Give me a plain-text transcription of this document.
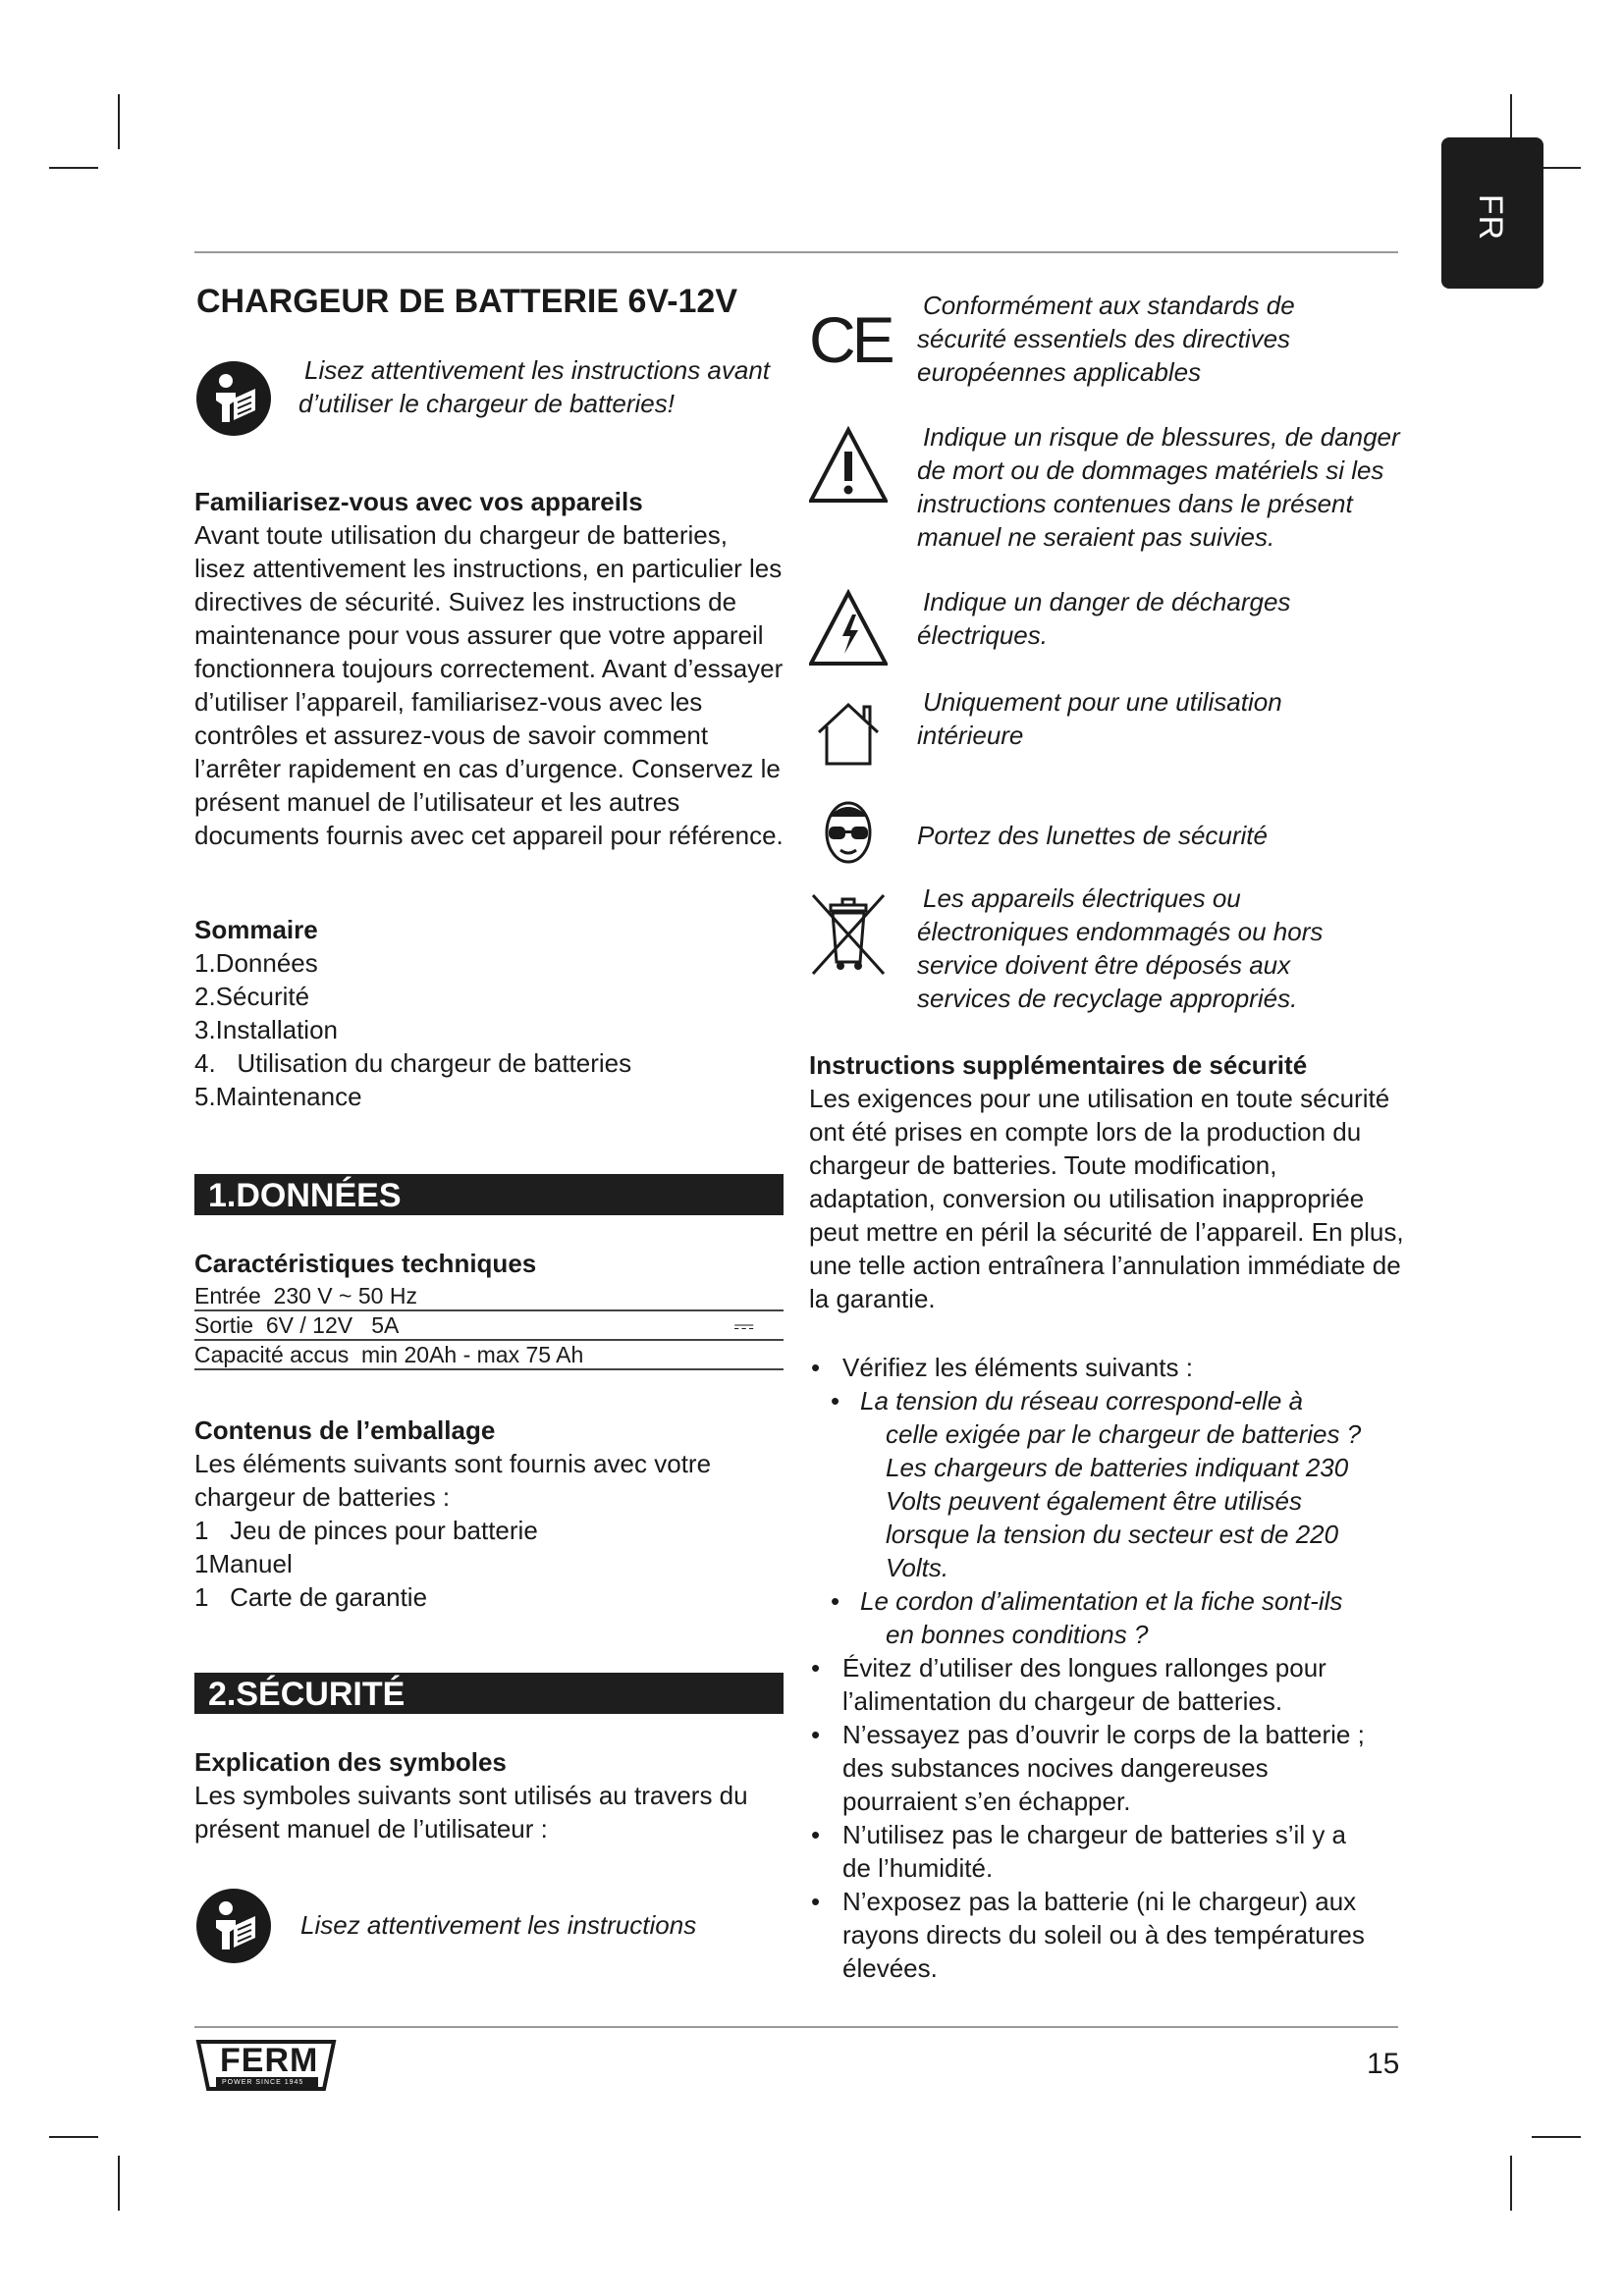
FR
CHARGEUR DE BATTERIE 6V-12V

Lisez attentivement les instructions avant d’utiliser le chargeur de batteries!

Familiarisez-vous avec vos appareils

Avant toute utilisation du chargeur de batteries, lisez attentivement les instructions, en particulier les directives de sécurité. Suivez les instructions de maintenance pour vous assurer que votre appareil fonctionnera toujours correctement. Avant d’essayer d’utiliser l’appareil, familiarisez-vous avec les contrôles et assurez-vous de savoir comment l’arrêter rapidement en cas d’urgence. Conservez le présent manuel de l’utilisateur et les autres documents fournis avec cet appareil pour référence.

Sommaire

1.Données
2.Sécurité
3.Installation
4.   Utilisation du chargeur de batteries
5.Maintenance
1.DONNÉES

Caractéristiques techniques

Entrée  230 V ~ 50 Hz
Sortie  6V / 12V   5A	⎓
Capacité accus  min 20Ah - max 75 Ah

Contenus de l’emballage

Les éléments suivants sont fournis avec votre chargeur de batteries :

1   Jeu de pinces pour batterie
1Manuel
1   Carte de garantie
2.SÉCURITÉ

Explication des symboles

Les symboles suivants sont utilisés au travers du présent manuel de l’utilisateur :

Lisez attentivement les instructions

CE Conformément aux standards de sécurité essentiels des directives européennes applicables

Indique un risque de blessures, de danger de mort ou de dommages matériels si les instructions contenues dans le présent manuel ne seraient pas suivies.

Indique un danger de décharges électriques.

Uniquement pour une utilisation intérieure

Portez des lunettes de sécurité

Les appareils électriques ou électroniques endommagés ou hors service doivent être déposés aux services de recyclage appropriés.

Instructions supplémentaires de sécurité

Les exigences pour une utilisation en toute sécurité ont été prises en compte lors de la production du chargeur de batteries. Toute modification, adaptation, conversion ou utilisation inappropriée peut mettre en péril la sécurité de l’appareil. En plus, une telle action entraînera l’annulation immédiate de la garantie.

• Vérifiez les éléments suivants :

• La tension du réseau correspond-elle à

celle exigée par le chargeur de batteries ? Les chargeurs de batteries indiquant 230 Volts peuvent également être utilisés lorsque la tension du secteur est de 220 Volts.

• Le cordon d’alimentation et la fiche sont-ils

en bonnes conditions ?

• Évitez d’utiliser des longues rallonges pour l’alimentation du chargeur de batteries.

• N’essayez pas d’ouvrir le corps de la batterie ; des substances nocives dangereuses pourraient s’en échapper.

• N’utilisez pas le chargeur de batteries s’il y a de l’humidité.

• N’exposez pas la batterie (ni le chargeur) aux rayons directs du soleil ou à des températures élevées.

FERM
POWER SINCE 1945
15
